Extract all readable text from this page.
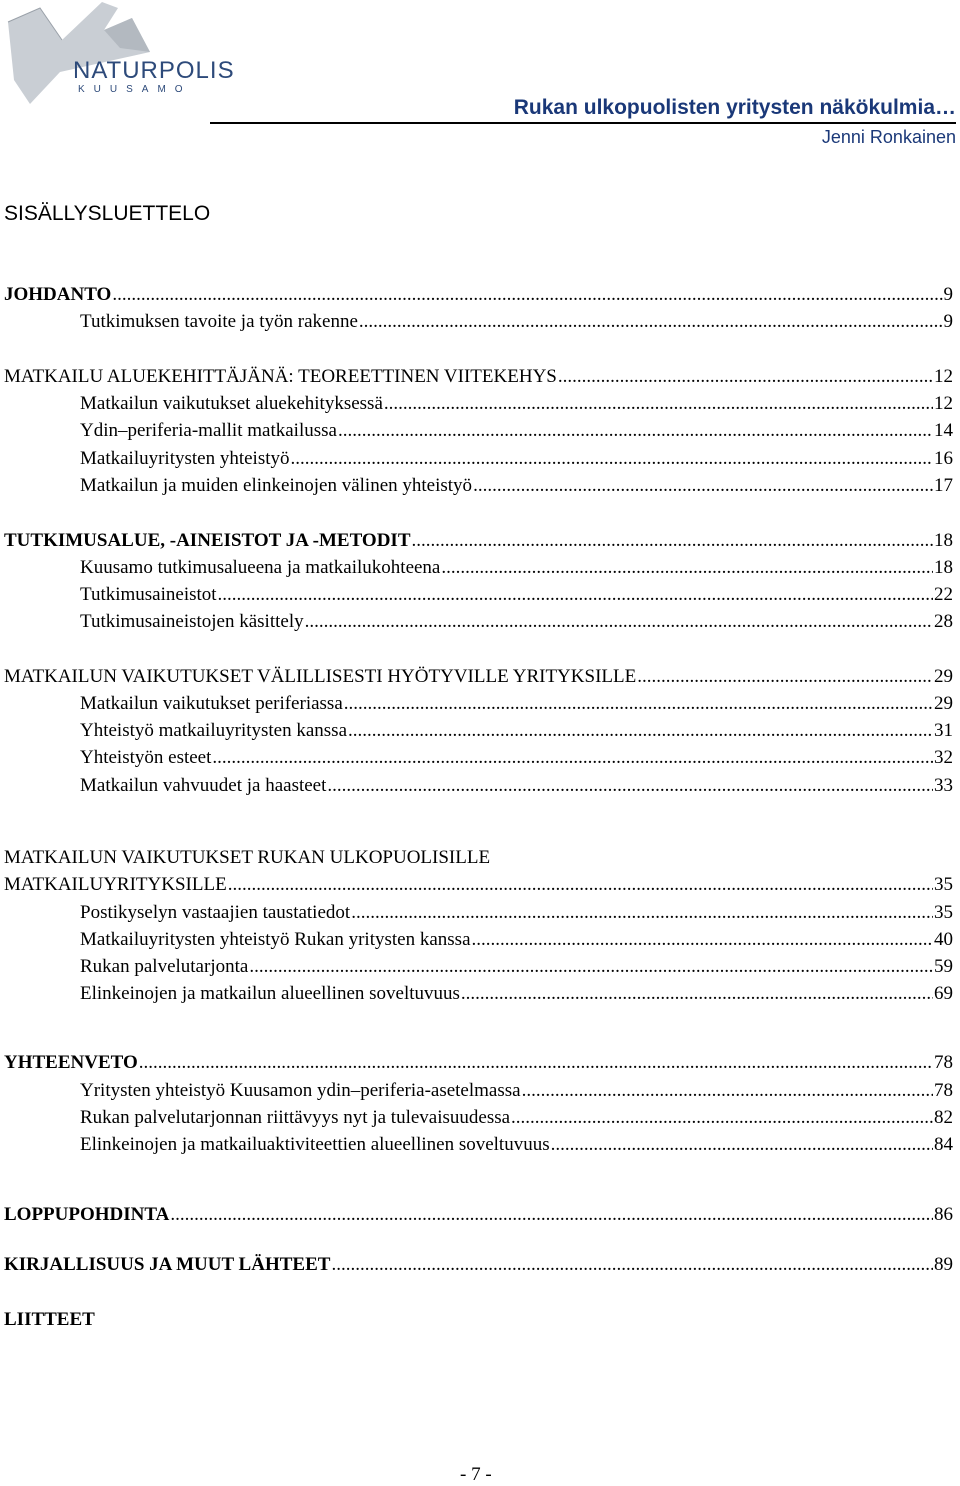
NATURPOLIS
KUUSAMO
Rukan ulkopuolisten yritysten näkökulmia…
Jenni Ronkainen
SISÄLLYSLUETTELO
JOHDANTO .....	9
Tutkimuksen tavoite ja työn rakenne .....	9
MATKAILU ALUEKEHITTÄJÄNÄ: TEOREETTINEN VIITEKEHYS .....	12
Matkailun vaikutukset aluekehityksessä .....	12
Ydin–periferia-mallit matkailussa .....	14
Matkailuyritysten yhteistyö .....	16
Matkailun ja muiden elinkeinojen välinen yhteistyö .....	17
TUTKIMUSALUE, -AINEISTOT JA -METODIT .....	18
Kuusamo tutkimusalueena ja matkailukohteena .....	18
Tutkimusaineistot .....	22
Tutkimusaineistojen käsittely .....	28
MATKAILUN VAIKUTUKSET VÄLILLISESTI HYÖTYVILLE YRITYKSILLE .....	29
Matkailun vaikutukset periferiassa .....	29
Yhteistyö matkailuyritysten kanssa .....	31
Yhteistyön esteet .....	32
Matkailun vahvuudet ja haasteet .....	33
MATKAILUN VAIKUTUKSET RUKAN ULKOPUOLISILLE
MATKAILUYRITYKSILLE .....	35
Postikyselyn vastaajien taustatiedot .....	35
Matkailuyritysten yhteistyö Rukan yritysten kanssa .....	40
Rukan palvelutarjonta .....	59
Elinkeinojen ja matkailun alueellinen soveltuvuus .....	69
YHTEENVETO .....	78
Yritysten yhteistyö Kuusamon ydin–periferia-asetelmassa .....	78
Rukan palvelutarjonnan riittävyys nyt ja tulevaisuudessa .....	82
Elinkeinojen ja matkailuaktiviteettien alueellinen soveltuvuus .....	84
LOPPUPOHDINTA .....	86
KIRJALLISUUS JA MUUT LÄHTEET .....	89
LIITTEET
- 7 -
